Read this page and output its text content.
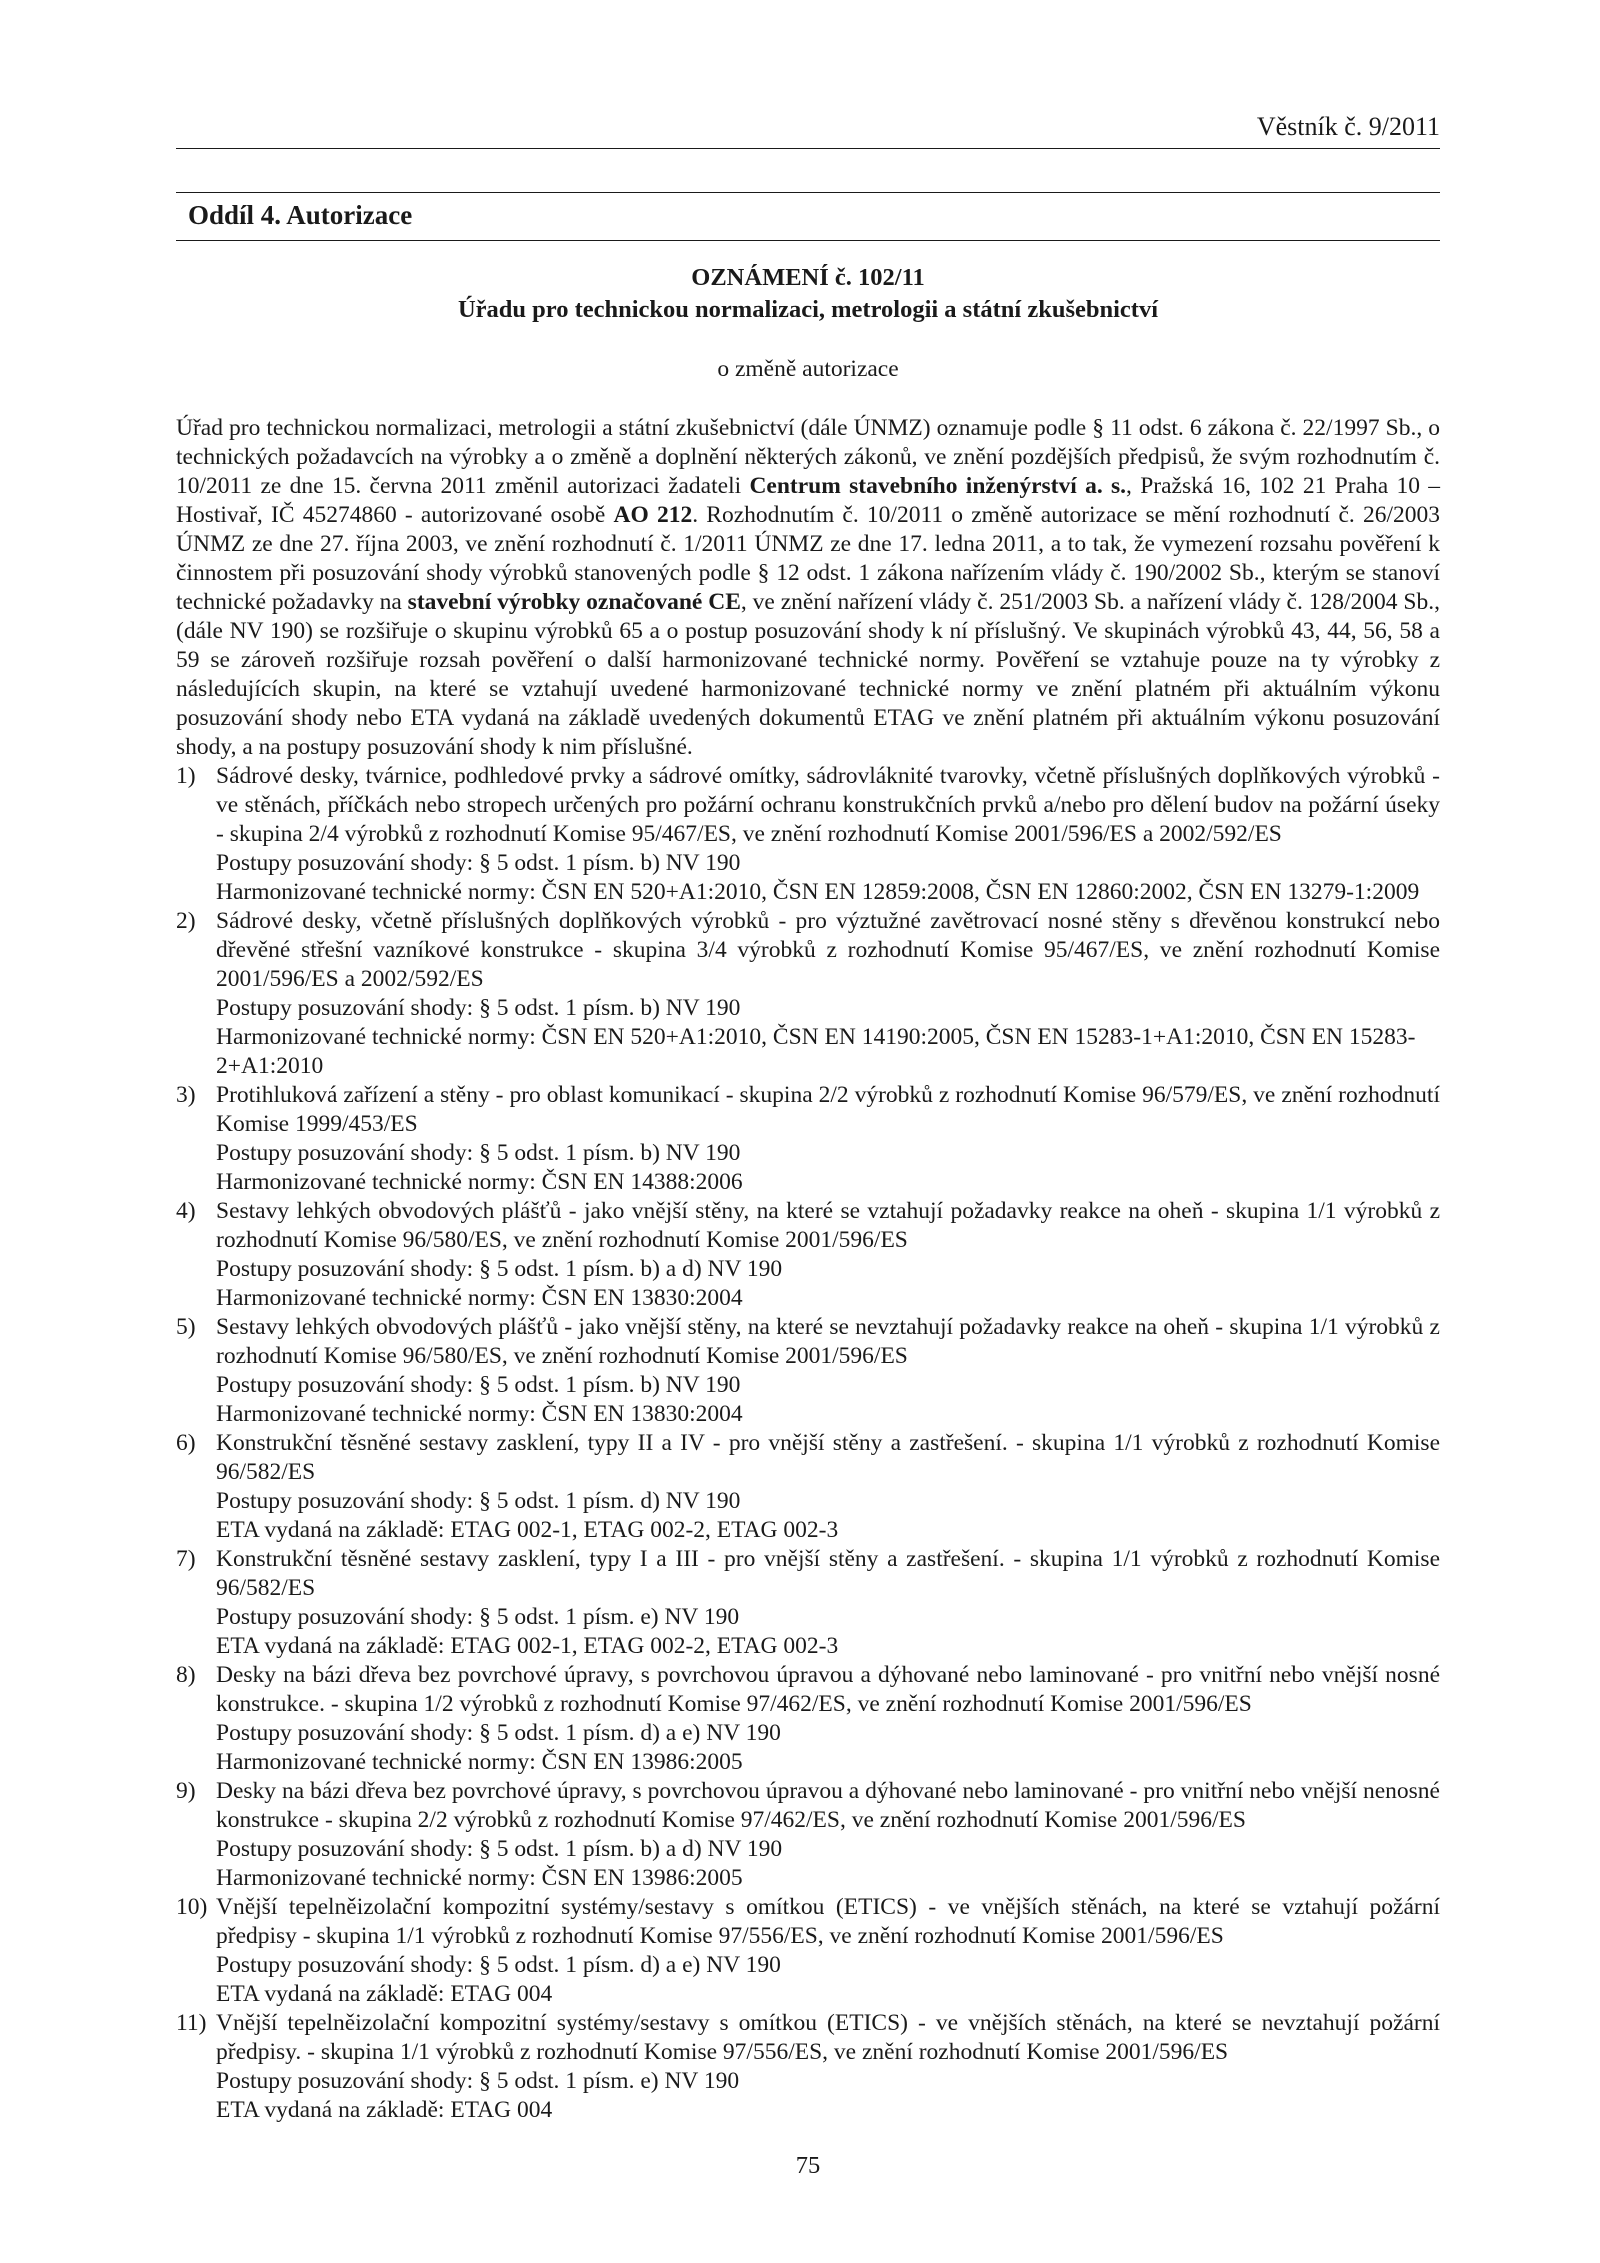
Věstník č. 9/2011
Oddíl 4. Autorizace
OZNÁMENÍ č. 102/11
Úřadu pro technickou normalizaci, metrologii a státní zkušebnictví
o změně autorizace

Úřad pro technickou normalizaci, metrologii a státní zkušebnictví (dále ÚNMZ) oznamuje podle § 11 odst. 6 zákona č. 22/1997 Sb., o technických požadavcích na výrobky a o změně a doplnění některých zákonů, ve znění pozdějších předpisů, že svým rozhodnutím č. 10/2011 ze dne 15. června 2011 změnil autorizaci žadateli Centrum stavebního inženýrství a. s., Pražská 16, 102 21 Praha 10 – Hostivař, IČ 45274860 - autorizované osobě AO 212. Rozhodnutím č. 10/2011 o změně autorizace se mění rozhodnutí č. 26/2003 ÚNMZ ze dne 27. října 2003, ve znění rozhodnutí č. 1/2011 ÚNMZ ze dne 17. ledna 2011, a to tak, že vymezení rozsahu pověření k činnostem při posuzování shody výrobků stanovených podle § 12 odst. 1 zákona nařízením vlády č. 190/2002 Sb., kterým se stanoví technické požadavky na stavební výrobky označované CE, ve znění nařízení vlády č. 251/2003 Sb. a nařízení vlády č. 128/2004 Sb., (dále NV 190) se rozšiřuje o skupinu výrobků 65 a o postup posuzování shody k ní příslušný. Ve skupinách výrobků 43, 44, 56, 58 a 59 se zároveň rozšiřuje rozsah pověření o další harmonizované technické normy. Pověření se vztahuje pouze na ty výrobky z následujících skupin, na které se vztahují uvedené harmonizované technické normy ve znění platném při aktuálním výkonu posuzování shody nebo ETA vydaná na základě uvedených dokumentů ETAG ve znění platném při aktuálním výkonu posuzování shody, a na postupy posuzování shody k nim příslušné.

1) Sádrové desky, tvárnice, podhledové prvky a sádrové omítky, sádrovláknité tvarovky, včetně příslušných doplňkových výrobků - ve stěnách, příčkách nebo stropech určených pro požární ochranu konstrukčních prvků a/nebo pro dělení budov na požární úseky - skupina 2/4 výrobků z rozhodnutí Komise 95/467/ES, ve znění rozhodnutí Komise 2001/596/ES a 2002/592/ES

Postupy posuzování shody: § 5 odst. 1 písm. b) NV 190

Harmonizované technické normy: ČSN EN 520+A1:2010, ČSN EN 12859:2008, ČSN EN 12860:2002, ČSN EN 13279-1:2009

2) Sádrové desky, včetně příslušných doplňkových výrobků - pro výztužné zavětrovací nosné stěny s dřevěnou konstrukcí nebo dřevěné střešní vazníkové konstrukce - skupina 3/4 výrobků z rozhodnutí Komise 95/467/ES, ve znění rozhodnutí Komise 2001/596/ES a 2002/592/ES

Postupy posuzování shody: § 5 odst. 1 písm. b) NV 190

Harmonizované technické normy: ČSN EN 520+A1:2010, ČSN EN 14190:2005, ČSN EN 15283-1+A1:2010, ČSN EN 15283-2+A1:2010

3) Protihluková zařízení a stěny - pro oblast komunikací - skupina 2/2 výrobků z rozhodnutí Komise 96/579/ES, ve znění rozhodnutí Komise 1999/453/ES

Postupy posuzování shody: § 5 odst. 1 písm. b) NV 190

Harmonizované technické normy: ČSN EN 14388:2006

4) Sestavy lehkých obvodových plášťů - jako vnější stěny, na které se vztahují požadavky reakce na oheň - skupina 1/1 výrobků z rozhodnutí Komise 96/580/ES, ve znění rozhodnutí Komise 2001/596/ES

Postupy posuzování shody: § 5 odst. 1 písm. b) a d) NV 190

Harmonizované technické normy: ČSN EN 13830:2004

5) Sestavy lehkých obvodových plášťů - jako vnější stěny, na které se nevztahují požadavky reakce na oheň - skupina 1/1 výrobků z rozhodnutí Komise 96/580/ES, ve znění rozhodnutí Komise 2001/596/ES

Postupy posuzování shody: § 5 odst. 1 písm. b) NV 190

Harmonizované technické normy: ČSN EN 13830:2004

6) Konstrukční těsněné sestavy zasklení, typy II a IV - pro vnější stěny a zastřešení. - skupina 1/1 výrobků z rozhodnutí Komise 96/582/ES

Postupy posuzování shody: § 5 odst. 1 písm. d) NV 190

ETA vydaná na základě: ETAG 002-1, ETAG 002-2, ETAG 002-3

7) Konstrukční těsněné sestavy zasklení, typy I a III - pro vnější stěny a zastřešení. - skupina 1/1 výrobků z rozhodnutí Komise 96/582/ES

Postupy posuzování shody: § 5 odst. 1 písm. e) NV 190

ETA vydaná na základě: ETAG 002-1, ETAG 002-2, ETAG 002-3

8) Desky na bázi dřeva bez povrchové úpravy, s povrchovou úpravou a dýhované nebo laminované - pro vnitřní nebo vnější nosné konstrukce. - skupina 1/2 výrobků z rozhodnutí Komise 97/462/ES, ve znění rozhodnutí Komise 2001/596/ES

Postupy posuzování shody: § 5 odst. 1 písm. d) a e) NV 190

Harmonizované technické normy: ČSN EN 13986:2005

9) Desky na bázi dřeva bez povrchové úpravy, s povrchovou úpravou a dýhované nebo laminované - pro vnitřní nebo vnější nenosné konstrukce - skupina 2/2 výrobků z rozhodnutí Komise 97/462/ES, ve znění rozhodnutí Komise 2001/596/ES

Postupy posuzování shody: § 5 odst. 1 písm. b) a d) NV 190

Harmonizované technické normy: ČSN EN 13986:2005

10) Vnější tepelněizolační kompozitní systémy/sestavy s omítkou (ETICS) - ve vnějších stěnách, na které se vztahují požární předpisy - skupina 1/1 výrobků z rozhodnutí Komise 97/556/ES, ve znění rozhodnutí Komise 2001/596/ES

Postupy posuzování shody: § 5 odst. 1 písm. d) a e) NV 190

ETA vydaná na základě: ETAG 004

11) Vnější tepelněizolační kompozitní systémy/sestavy s omítkou (ETICS) - ve vnějších stěnách, na které se nevztahují požární předpisy. - skupina 1/1 výrobků z rozhodnutí Komise 97/556/ES, ve znění rozhodnutí Komise 2001/596/ES

Postupy posuzování shody: § 5 odst. 1 písm. e) NV 190

ETA vydaná na základě: ETAG 004

75
